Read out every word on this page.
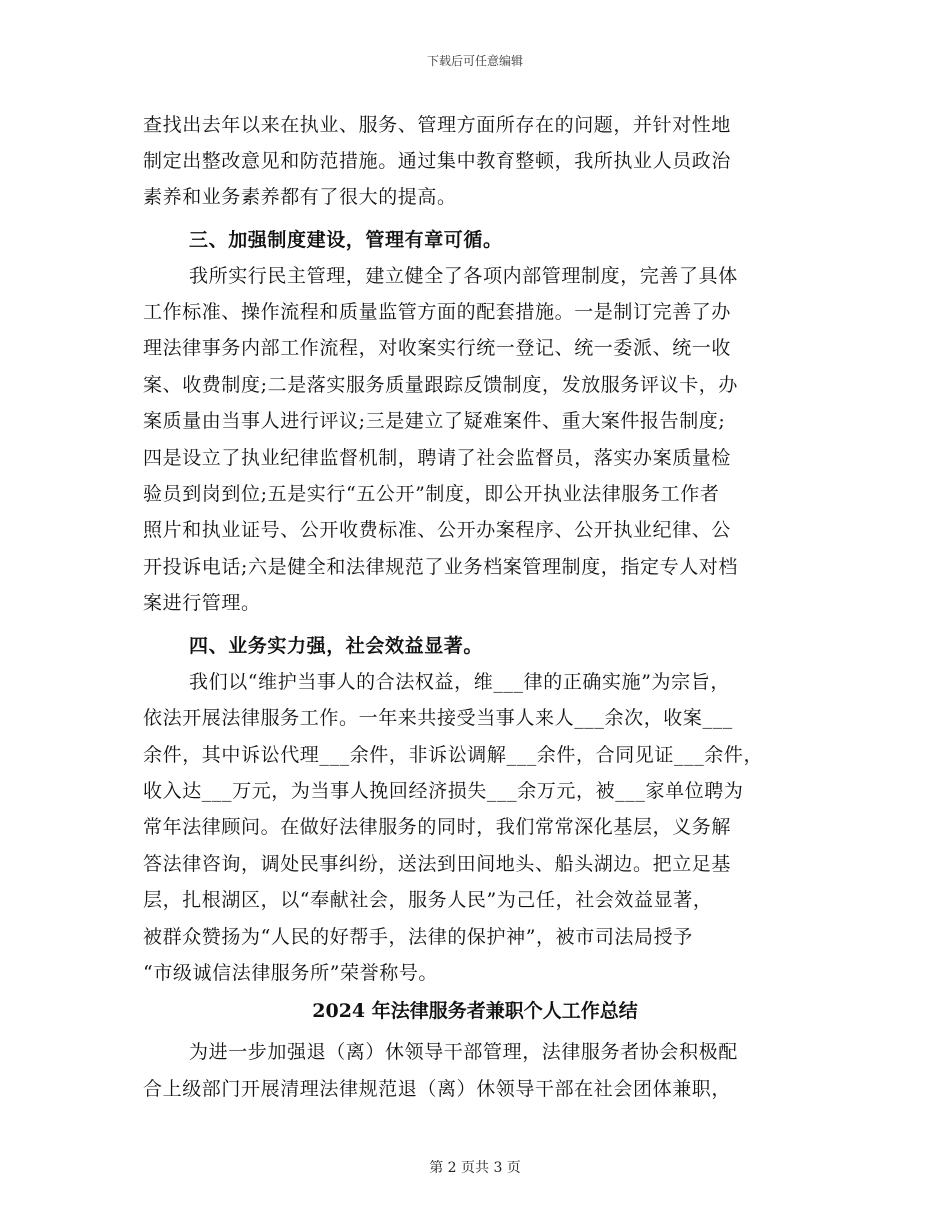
下载后可任意编辑
查找出去年以来在执业、服务、管理方面所存在的问题，并针对性地
制定出整改意见和防范措施。通过集中教育整顿，我所执业人员政治
素养和业务素养都有了很大的提高。
三、加强制度建设，管理有章可循。
我所实行民主管理，建立健全了各项内部管理制度，完善了具体
工作标准、操作流程和质量监管方面的配套措施。一是制订完善了办
理法律事务内部工作流程，对收案实行统一登记、统一委派、统一收
案、收费制度;二是落实服务质量跟踪反馈制度，发放服务评议卡，办
案质量由当事人进行评议;三是建立了疑难案件、重大案件报告制度;
四是设立了执业纪律监督机制，聘请了社会监督员，落实办案质量检
验员到岗到位;五是实行“五公开”制度，即公开执业法律服务工作者
照片和执业证号、公开收费标准、公开办案程序、公开执业纪律、公
开投诉电话;六是健全和法律规范了业务档案管理制度，指定专人对档
案进行管理。
四、业务实力强，社会效益显著。
我们以“维护当事人的合法权益，维___律的正确实施”为宗旨，
依法开展法律服务工作。一年来共接受当事人来人___余次，收案___
余件，其中诉讼代理___余件，非诉讼调解___余件，合同见证___余件，
收入达___万元，为当事人挽回经济损失___余万元，被___家单位聘为
常年法律顾问。在做好法律服务的同时，我们常常深化基层，义务解
答法律咨询，调处民事纠纷，送法到田间地头、船头湖边。把立足基
层，扎根湖区，以“奉献社会，服务人民”为己任，社会效益显著，
被群众赞扬为“人民的好帮手，法律的保护神”，被市司法局授予
“市级诚信法律服务所”荣誉称号。
2024 年法律服务者兼职个人工作总结
为进一步加强退（离）休领导干部管理，法律服务者协会积极配
合上级部门开展清理法律规范退（离）休领导干部在社会团体兼职，
第 2 页共 3 页
